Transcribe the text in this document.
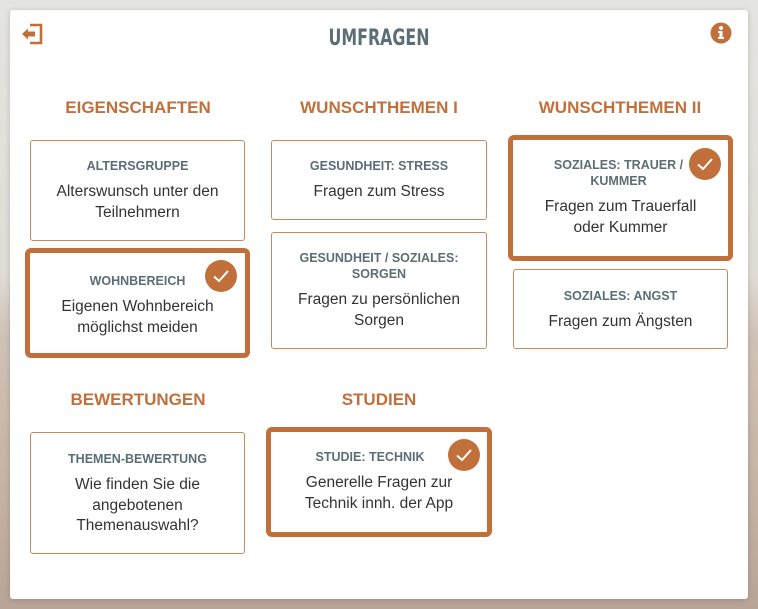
UMFRAGEN
EIGENSCHAFTEN	WUNSCHTHEMEN I	WUNSCHTHEMEN II
BEWERTUNGEN	STUDIEN
ALTERSGRUPPE
Alterswunsch unter den Teilnehmern
WOHNBEREICH
Eigenen Wohnbereich möglichst meiden
GESUNDHEIT: STRESS
Fragen zum Stress
GESUNDHEIT / SOZIALES: SORGEN
Fragen zu persönlichen Sorgen
SOZIALES: TRAUER / KUMMER
Fragen zum Trauerfall oder Kummer
SOZIALES: ANGST
Fragen zum Ängsten
THEMEN-BEWERTUNG
Wie finden Sie die angebotenen Themenauswahl?
STUDIE: TECHNIK
Generelle Fragen zur Technik innh. der App
